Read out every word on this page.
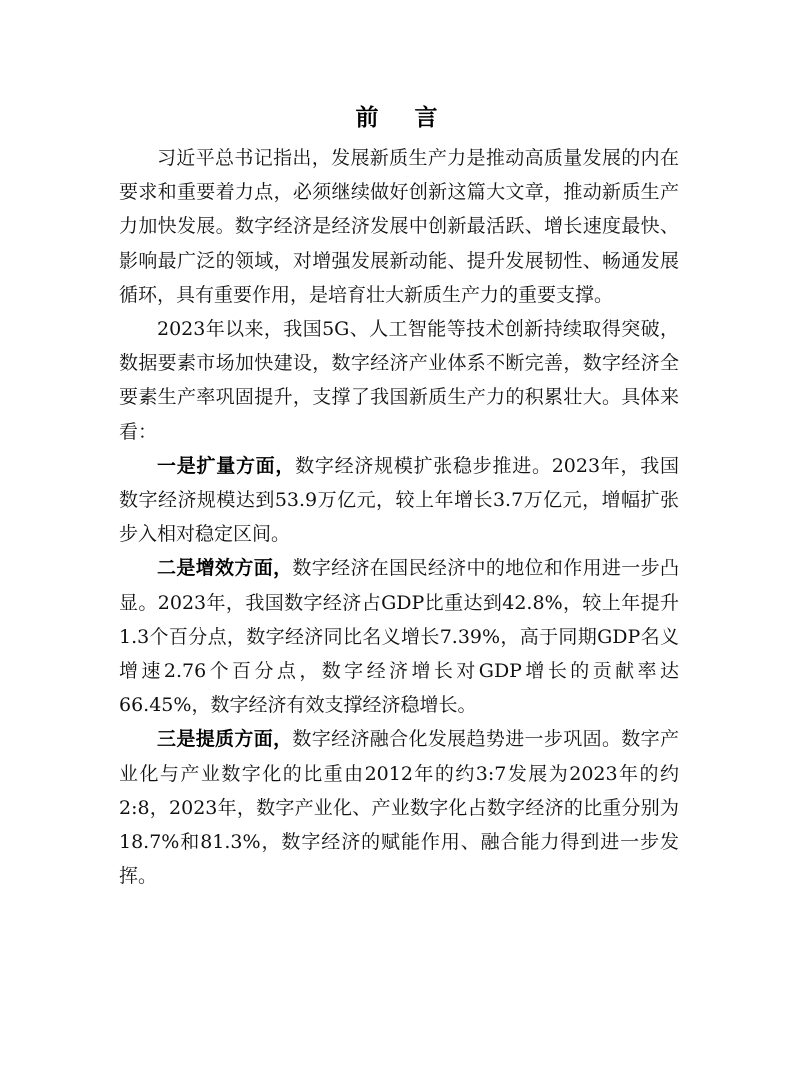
前 言

习近平总书记指出，发展新质生产力是推动高质量发展的内在要求和重要着力点，必须继续做好创新这篇大文章，推动新质生产力加快发展。数字经济是经济发展中创新最活跃、增长速度最快、影响最广泛的领域，对增强发展新动能、提升发展韧性、畅通发展循环，具有重要作用，是培育壮大新质生产力的重要支撑。

2023年以来，我国5G、人工智能等技术创新持续取得突破，数据要素市场加快建设，数字经济产业体系不断完善，数字经济全要素生产率巩固提升，支撑了我国新质生产力的积累壮大。具体来看：

一是扩量方面，数字经济规模扩张稳步推进。2023年，我国数字经济规模达到53.9万亿元，较上年增长3.7万亿元，增幅扩张步入相对稳定区间。

二是增效方面，数字经济在国民经济中的地位和作用进一步凸显。2023年，我国数字经济占GDP比重达到42.8%，较上年提升1.3个百分点，数字经济同比名义增长7.39%，高于同期GDP名义增速2.76个百分点，数字经济增长对GDP增长的贡献率达66.45%，数字经济有效支撑经济稳增长。

三是提质方面，数字经济融合化发展趋势进一步巩固。数字产业化与产业数字化的比重由2012年的约3:7发展为2023年的约2:8，2023年，数字产业化、产业数字化占数字经济的比重分别为18.7%和81.3%，数字经济的赋能作用、融合能力得到进一步发挥。
